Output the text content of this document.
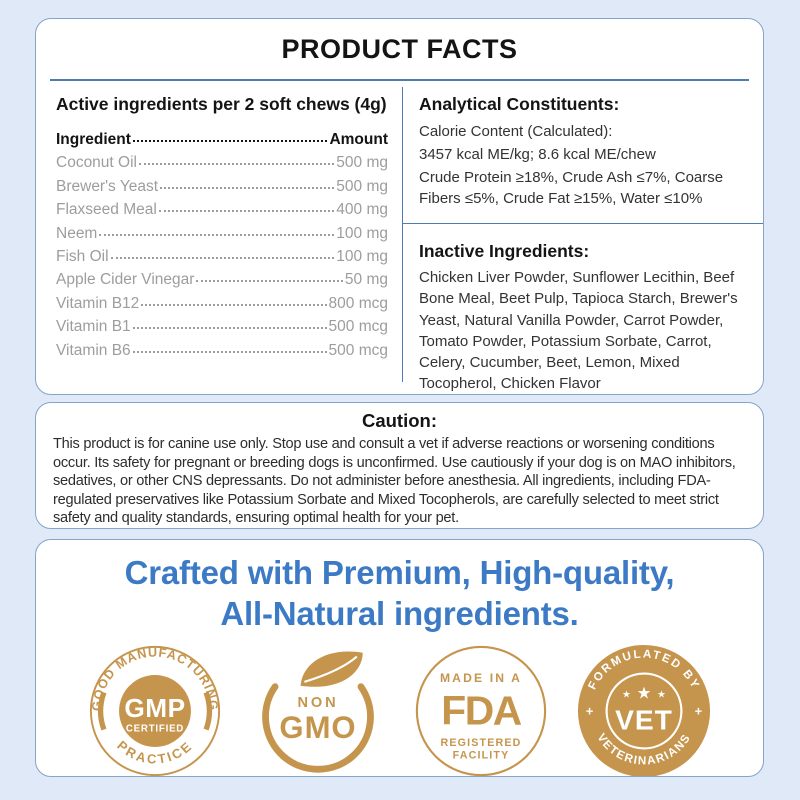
PRODUCT FACTS
Active ingredients per 2 soft chews (4g)
Ingredient	Amount
Coconut Oil	500 mg
Brewer's Yeast	500 mg
Flaxseed Meal	400 mg
Neem	100 mg
Fish Oil	100 mg
Apple Cider Vinegar	50 mg
Vitamin B12	800 mcg
Vitamin B1	500 mcg
Vitamin B6	500 mcg
Analytical Constituents:
Calorie Content (Calculated):
3457 kcal ME/kg; 8.6 kcal ME/chew
Crude Protein ≥18%, Crude Ash ≤7%, Coarse Fibers ≤5%, Crude Fat ≥15%, Water ≤10%
Inactive Ingredients:
Chicken Liver Powder, Sunflower Lecithin, Beef Bone Meal, Beet Pulp, Tapioca Starch, Brewer's Yeast, Natural Vanilla Powder, Carrot Powder, Tomato Powder, Potassium Sorbate, Carrot, Celery, Cucumber, Beet, Lemon, Mixed Tocopherol, Chicken Flavor
Caution:
This product is for canine use only. Stop use and consult a vet if adverse reactions or worsening conditions occur. Its safety for pregnant or breeding dogs is unconfirmed. Use cautiously if your dog is on MAO inhibitors, sedatives, or other CNS depressants. Do not administer before anesthesia. All ingredients, including FDA-regulated preservatives like Potassium Sorbate and Mixed Tocopherols, are carefully selected to meet strict safety and quality standards, ensuring optimal health for your pet.
Crafted with Premium, High-quality,
All-Natural ingredients.
GOOD MANUFACTURING
PRACTICE
GMP
CERTIFIED
NON
GMO
MADE IN A
FDA
REGISTERED
FACILITY
FORMULATED BY
VETERINARIANS
+	+
★
★	★
VET
